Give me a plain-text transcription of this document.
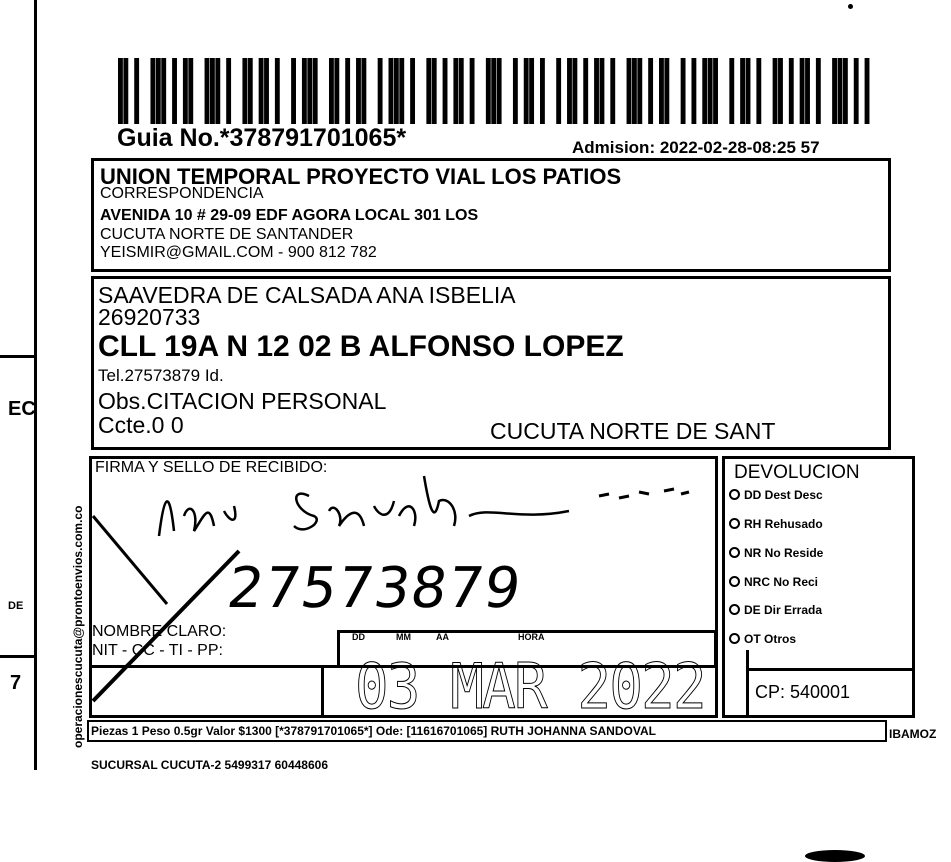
EC
7
DE
Guia No.*378791701065*	Admision: 2022-02-28-08:25 57
UNION TEMPORAL PROYECTO VIAL LOS PATIOS
CORRESPONDENCIA
AVENIDA 10 # 29-09 EDF AGORA LOCAL 301 LOS
CUCUTA NORTE DE SANTANDER
YEISMIR@GMAIL.COM - 900 812 782
SAAVEDRA DE CALSADA ANA ISBELIA
26920733
CLL 19A N 12 02 B ALFONSO LOPEZ
Tel.27573879 Id.
Obs.CITACION PERSONAL
Ccte.0 0	CUCUTA NORTE DE SANT
FIRMA Y SELLO DE RECIBIDO:
27573879
NOMBRE CLARO:
NIT - CC - TI - PP:
DD	MM	AA	HORA
03 MAR 2022
DEVOLUCION
DD Dest Desc
RH Rehusado
NR No Reside
NRC No Reci
DE Dir Errada
OT Otros
CP: 540001
Piezas 1 Peso 0.5gr Valor $1300 [*378791701065*] Ode: [11616701065] RUTH JOHANNA SANDOVAL	IBAMOZ
SUCURSAL CUCUTA-2 5499317 60448606
operacionescucuta@prontoenvios.com.co
